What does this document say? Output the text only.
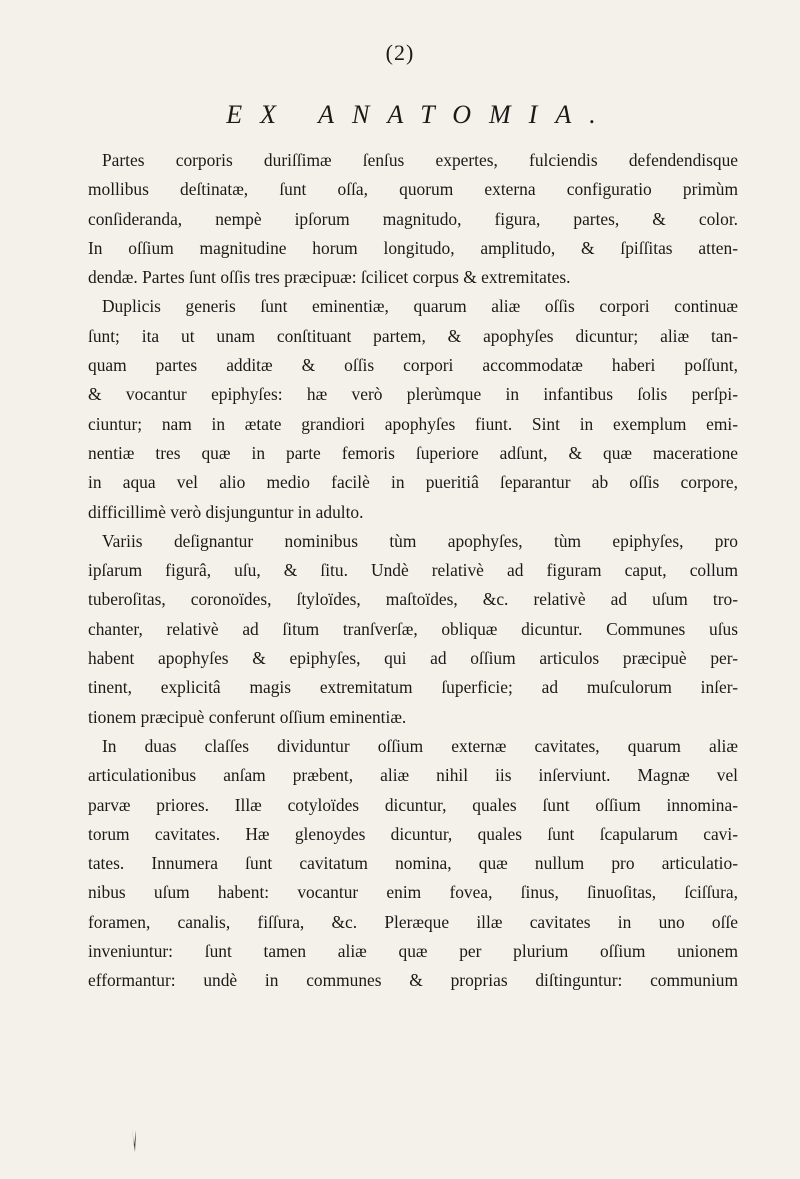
(2)
EX ANATOMIA.
Partes corporis duriſſimæ ſenſus expertes, fulciendis defendendisque
mollibus deſtinatæ, ſunt oſſa, quorum externa configuratio primùm
conſideranda, nempè ipſorum magnitudo, figura, partes, & color.
In oſſium magnitudine horum longitudo, amplitudo, & ſpiſſitas atten-
dendæ. Partes ſunt oſſis tres præcipuæ: ſcilicet corpus & extremitates.
Duplicis generis ſunt eminentiæ, quarum aliæ oſſis corpori continuæ
ſunt; ita ut unam conſtituant partem, & apophyſes dicuntur; aliæ tan-
quam partes additæ & oſſis corpori accommodatæ haberi poſſunt,
& vocantur epiphyſes: hæ verò plerùmque in infantibus ſolis perſpi-
ciuntur; nam in ætate grandiori apophyſes fiunt. Sint in exemplum emi-
nentiæ tres quæ in parte femoris ſuperiore adſunt, & quæ maceratione
in aqua vel alio medio facilè in pueritiâ ſeparantur ab oſſis corpore,
difficillimè verò disjunguntur in adulto.
Variis deſignantur nominibus tùm apophyſes, tùm epiphyſes, pro
ipſarum figurâ, uſu, & ſitu. Undè relativè ad figuram caput, collum
tuberoſitas, coronoïdes, ſtyloïdes, maſtoïdes, &c. relativè ad uſum tro-
chanter, relativè ad ſitum tranſverſæ, obliquæ dicuntur. Communes uſus
habent apophyſes & epiphyſes, qui ad oſſium articulos præcipuè per-
tinent, explicitâ magis extremitatum ſuperficie; ad muſculorum inſer-
tionem præcipuè conferunt oſſium eminentiæ.
In duas claſſes dividuntur oſſium externæ cavitates, quarum aliæ
articulationibus anſam præbent, aliæ nihil iis inſerviunt. Magnæ vel
parvæ priores. Illæ cotyloïdes dicuntur, quales ſunt oſſium innomina-
torum cavitates. Hæ glenoydes dicuntur, quales ſunt ſcapularum cavi-
tates. Innumera ſunt cavitatum nomina, quæ nullum pro articulatio-
nibus uſum habent: vocantur enim fovea, ſinus, ſinuoſitas, ſciſſura,
foramen, canalis, fiſſura, &c. Pleræque illæ cavitates in uno oſſe
inveniuntur: ſunt tamen aliæ quæ per plurium oſſium unionem
efformantur: undè in communes & proprias diſtinguntur: communium
